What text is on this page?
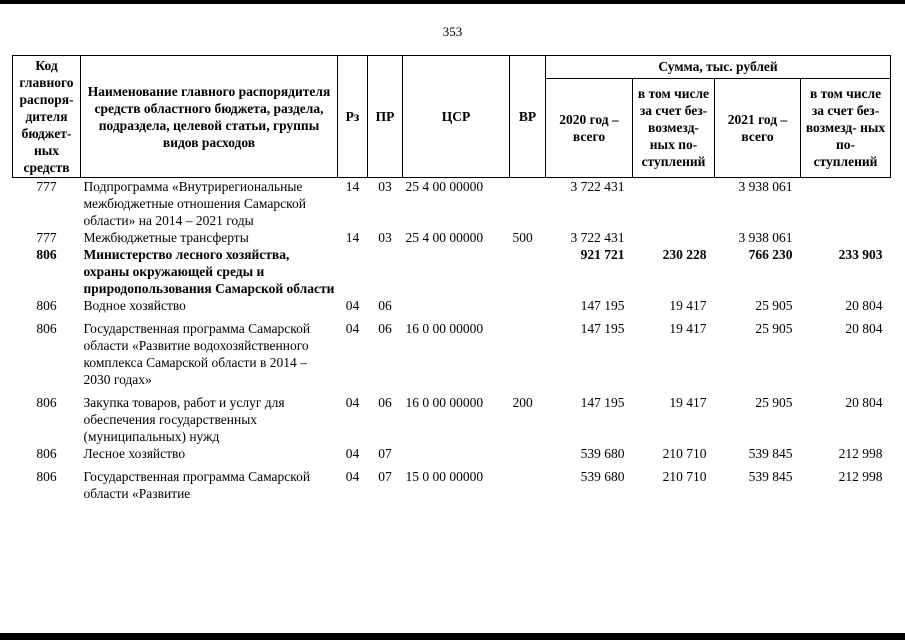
353
Код главного распоря- дителя бюджет- ных средств	Наименование главного распорядителя средств областного бюджета, раздела, подраздела, целевой статьи, группы видов расходов	Рз	ПР	ЦСР	ВР	Сумма, тыс. рублей			
						2020 год – всего	в том числе за счет без- возмезд- ных по- ступлений	2021 год – всего	в том числе за счет без- возмезд- ных по- ступлений
777	Подпрограмма «Внутрирегиональные межбюджетные отношения Самарской области» на 2014 – 2021 годы	14	03	25 4 00 00000		3 722 431		3 938 061	
777	Межбюджетные трансферты	14	03	25 4 00 00000	500	3 722 431		3 938 061	
806	Министерство лесного хозяйства, охраны окружающей среды и природопользования Самарской области					921 721	230 228	766 230	233 903
806	Водное хозяйство	04	06			147 195	19 417	25 905	20 804
806	Государственная программа Самарской области «Развитие водохозяйственного комплекса Самарской области в 2014 – 2030 годах»	04	06	16 0 00 00000		147 195	19 417	25 905	20 804
806	Закупка товаров, работ и услуг для обеспечения государственных (муниципальных) нужд	04	06	16 0 00 00000	200	147 195	19 417	25 905	20 804
806	Лесное хозяйство	04	07			539 680	210 710	539 845	212 998
806	Государственная программа Самарской области «Развитие	04	07	15 0 00 00000		539 680	210 710	539 845	212 998
